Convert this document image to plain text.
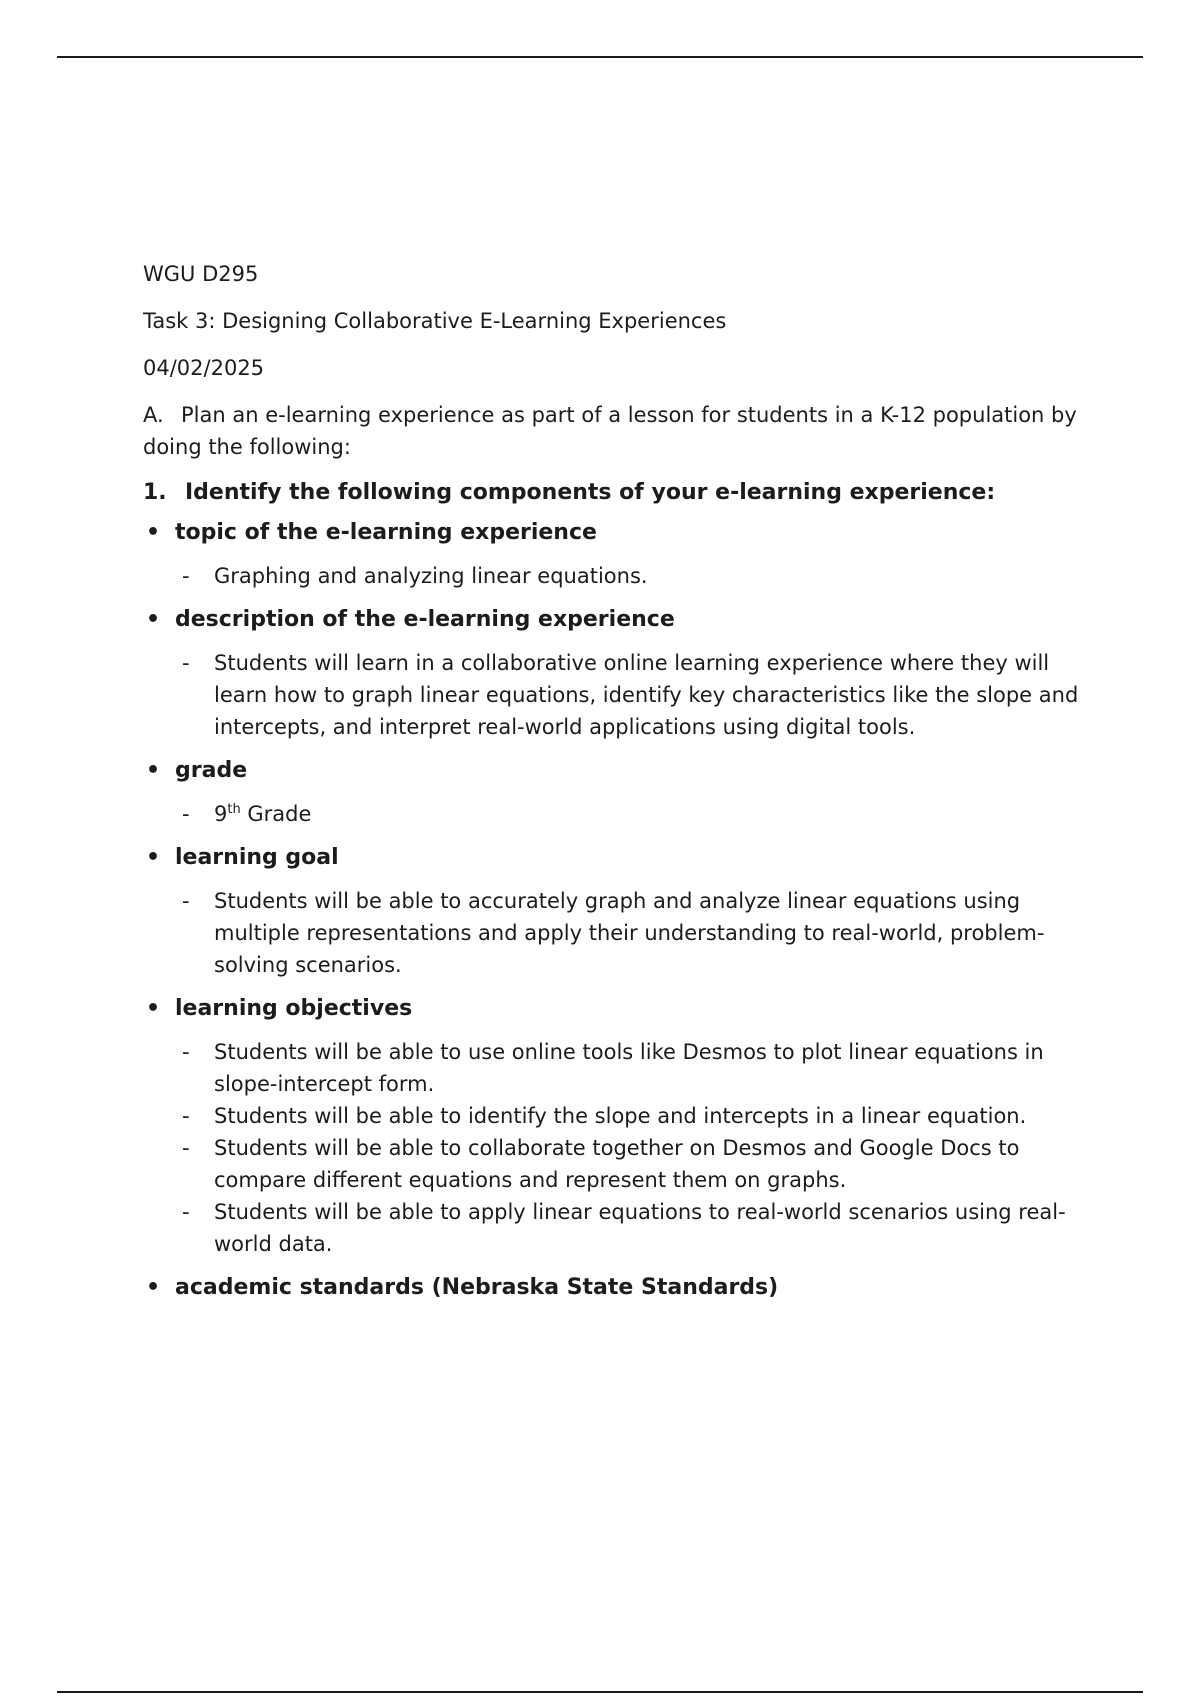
WGU D295
Task 3: Designing Collaborative E-Learning Experiences
04/02/2025
A. Plan an e-learning experience as part of a lesson for students in a K-12 population by doing the following:
1. Identify the following components of your e-learning experience:
• topic of the e-learning experience
- Graphing and analyzing linear equations.
• description of the e-learning experience
- Students will learn in a collaborative online learning experience where they will learn how to graph linear equations, identify key characteristics like the slope and intercepts, and interpret real-world applications using digital tools.
• grade
- 9th Grade
• learning goal
- Students will be able to accurately graph and analyze linear equations using multiple representations and apply their understanding to real-world, problem-solving scenarios.
• learning objectives
- Students will be able to use online tools like Desmos to plot linear equations in slope-intercept form.
- Students will be able to identify the slope and intercepts in a linear equation.
- Students will be able to collaborate together on Desmos and Google Docs to compare different equations and represent them on graphs.
- Students will be able to apply linear equations to real-world scenarios using real-world data.
• academic standards (Nebraska State Standards)
